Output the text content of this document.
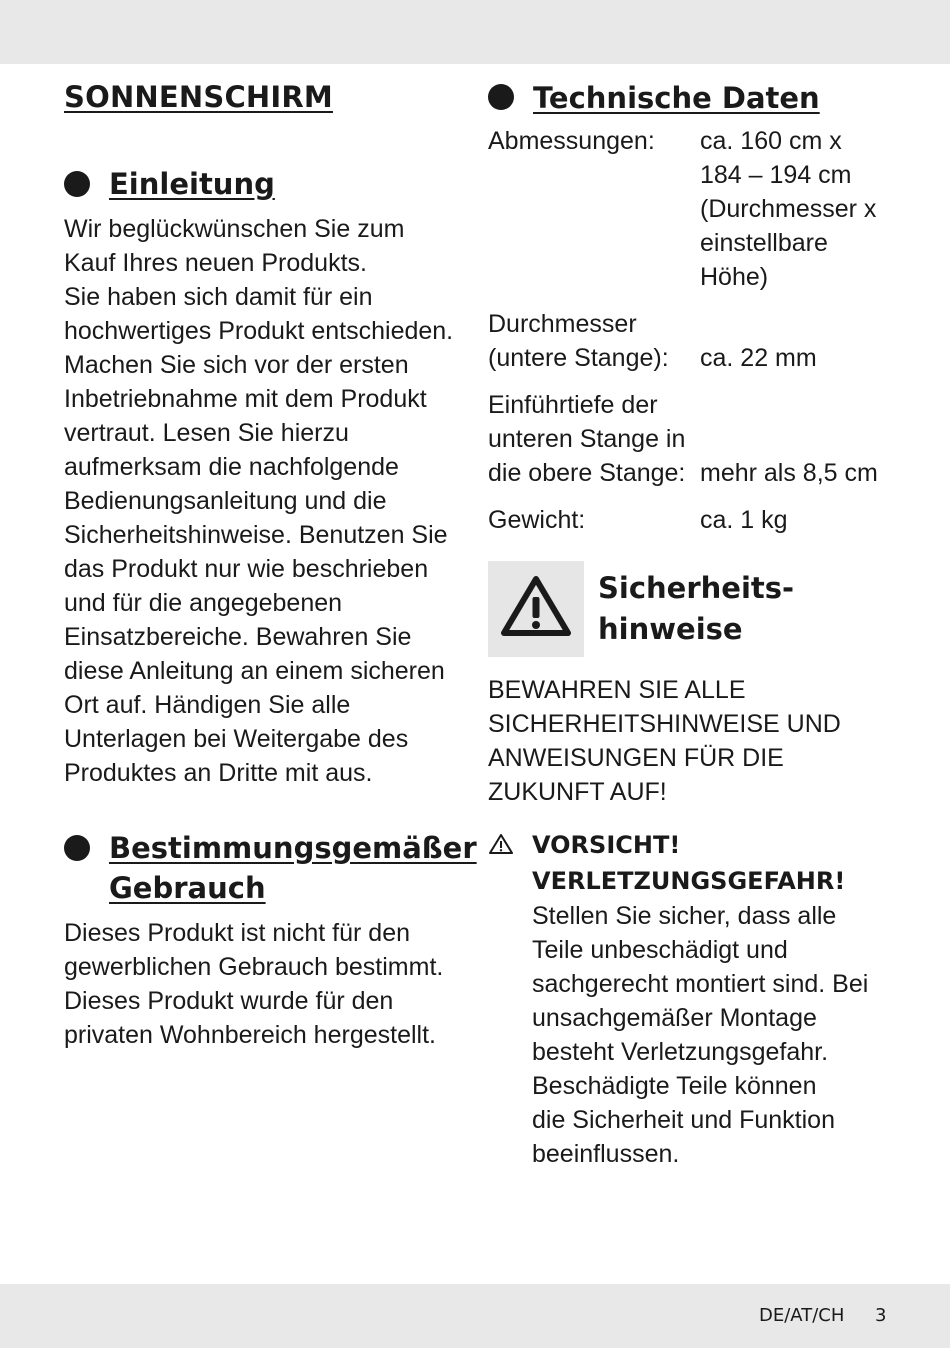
SONNENSCHIRM
Einleitung

Wir beglückwünschen Sie zum

Kauf Ihres neuen Produkts.

Sie haben sich damit für ein

hochwertiges Produkt entschieden.

Machen Sie sich vor der ersten

Inbetriebnahme mit dem Produkt

vertraut. Lesen Sie hierzu

aufmerksam die nachfolgende

Bedienungsanleitung und die

Sicherheitshinweise. Benutzen Sie

das Produkt nur wie beschrieben

und für die angegebenen

Einsatzbereiche. Bewahren Sie

diese Anleitung an einem sicheren

Ort auf. Händigen Sie alle

Unterlagen bei Weitergabe des

Produktes an Dritte mit aus.

Bestimmungsgemäßer
Gebrauch

Dieses Produkt ist nicht für den

gewerblichen Gebrauch bestimmt.

Dieses Produkt wurde für den

privaten Wohnbereich hergestellt.

Technische Daten
Abmessungen:	ca. 160 cm x
184 – 194 cm
(Durchmesser x
einstellbare
Höhe)
Durchmesser
(untere Stange):	
ca. 22 mm
Einführtiefe der
unteren Stange in
die obere Stange:

mehr als 8,5 cm
Gewicht:	ca. 1 kg
Sicherheits-
hinweise

BEWAHREN SIE ALLE
SICHERHEITSHINWEISE UND
ANWEISUNGEN FÜR DIE
ZUKUNFT AUF!

VORSICHT!
VERLETZUNGSGEFAHR!

Stellen Sie sicher, dass alle

Teile unbeschädigt und

sachgerecht montiert sind. Bei

unsachgemäßer Montage

besteht Verletzungsgefahr.

Beschädigte Teile können

die Sicherheit und Funktion

beeinflussen.

DE/AT/CH 3
